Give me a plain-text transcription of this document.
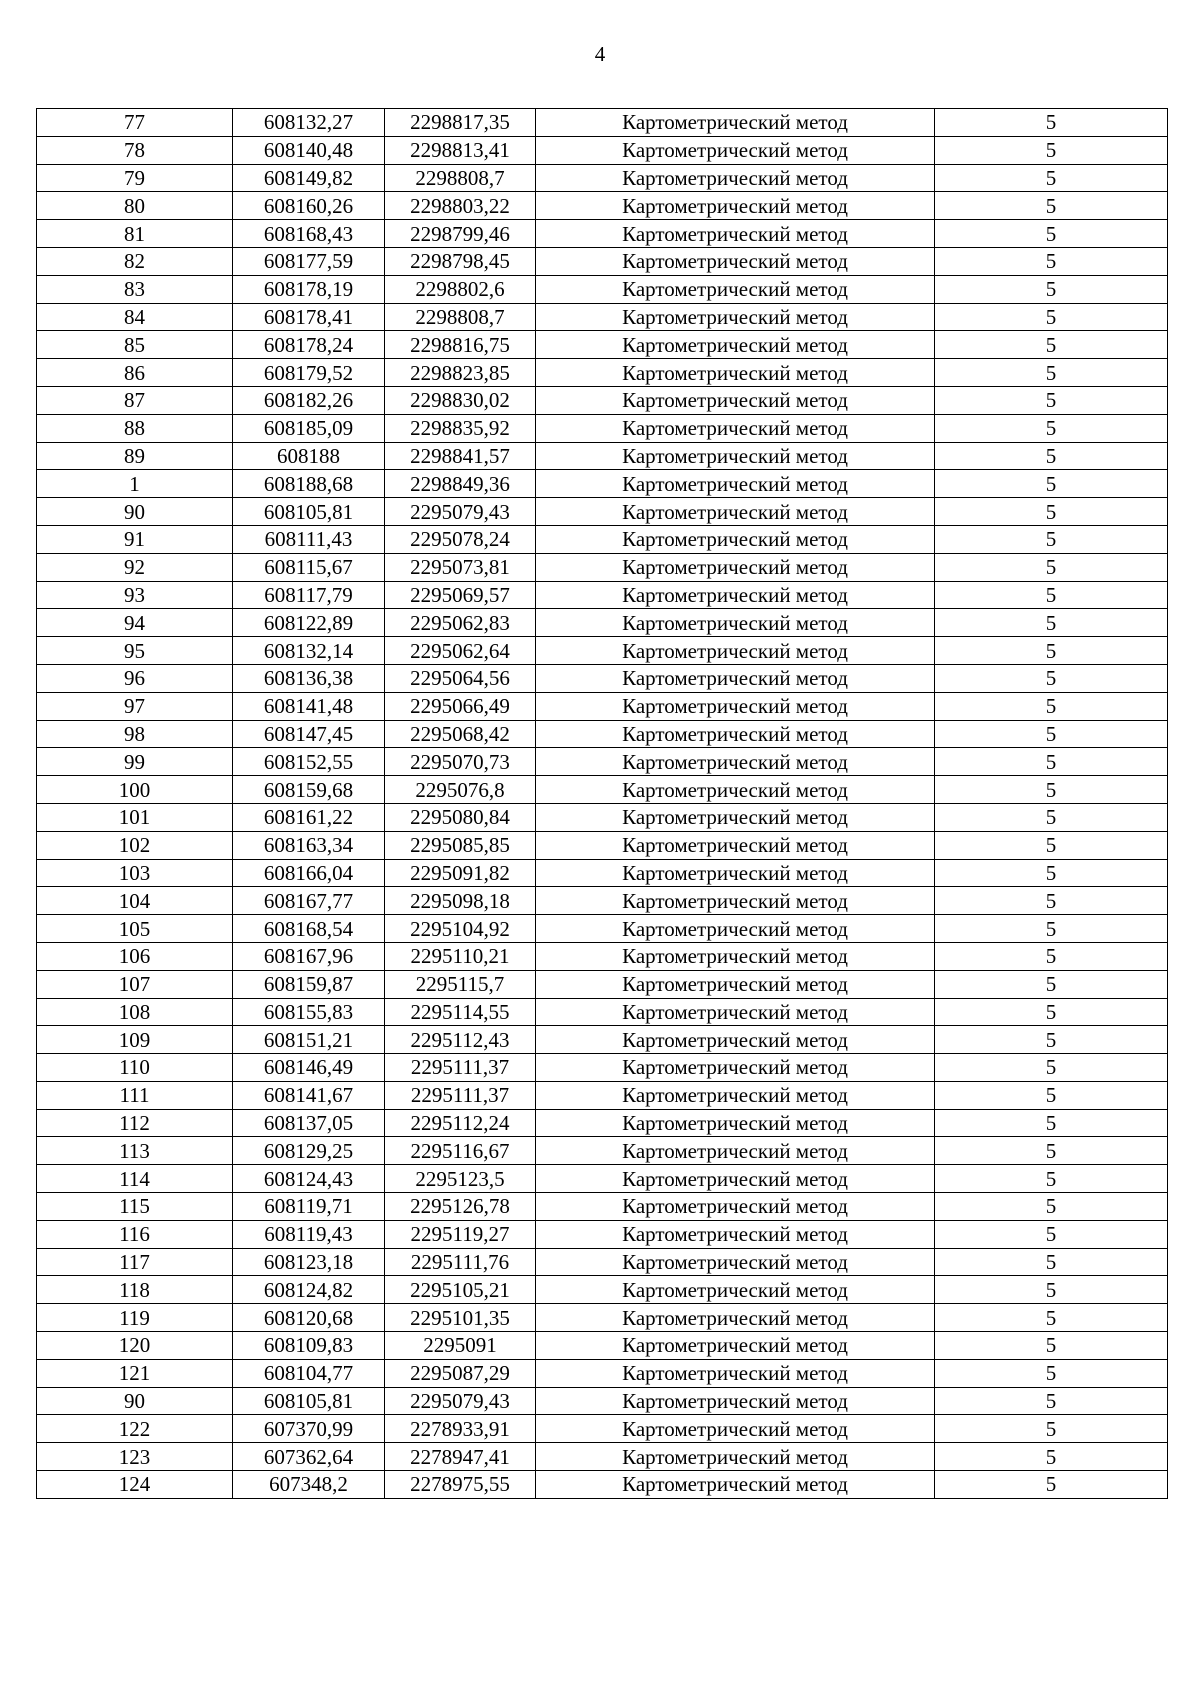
4
77	608132,27	2298817,35	Картометрический метод	5
78	608140,48	2298813,41	Картометрический метод	5
79	608149,82	2298808,7	Картометрический метод	5
80	608160,26	2298803,22	Картометрический метод	5
81	608168,43	2298799,46	Картометрический метод	5
82	608177,59	2298798,45	Картометрический метод	5
83	608178,19	2298802,6	Картометрический метод	5
84	608178,41	2298808,7	Картометрический метод	5
85	608178,24	2298816,75	Картометрический метод	5
86	608179,52	2298823,85	Картометрический метод	5
87	608182,26	2298830,02	Картометрический метод	5
88	608185,09	2298835,92	Картометрический метод	5
89	608188	2298841,57	Картометрический метод	5
1	608188,68	2298849,36	Картометрический метод	5
90	608105,81	2295079,43	Картометрический метод	5
91	608111,43	2295078,24	Картометрический метод	5
92	608115,67	2295073,81	Картометрический метод	5
93	608117,79	2295069,57	Картометрический метод	5
94	608122,89	2295062,83	Картометрический метод	5
95	608132,14	2295062,64	Картометрический метод	5
96	608136,38	2295064,56	Картометрический метод	5
97	608141,48	2295066,49	Картометрический метод	5
98	608147,45	2295068,42	Картометрический метод	5
99	608152,55	2295070,73	Картометрический метод	5
100	608159,68	2295076,8	Картометрический метод	5
101	608161,22	2295080,84	Картометрический метод	5
102	608163,34	2295085,85	Картометрический метод	5
103	608166,04	2295091,82	Картометрический метод	5
104	608167,77	2295098,18	Картометрический метод	5
105	608168,54	2295104,92	Картометрический метод	5
106	608167,96	2295110,21	Картометрический метод	5
107	608159,87	2295115,7	Картометрический метод	5
108	608155,83	2295114,55	Картометрический метод	5
109	608151,21	2295112,43	Картометрический метод	5
110	608146,49	2295111,37	Картометрический метод	5
111	608141,67	2295111,37	Картометрический метод	5
112	608137,05	2295112,24	Картометрический метод	5
113	608129,25	2295116,67	Картометрический метод	5
114	608124,43	2295123,5	Картометрический метод	5
115	608119,71	2295126,78	Картометрический метод	5
116	608119,43	2295119,27	Картометрический метод	5
117	608123,18	2295111,76	Картометрический метод	5
118	608124,82	2295105,21	Картометрический метод	5
119	608120,68	2295101,35	Картометрический метод	5
120	608109,83	2295091	Картометрический метод	5
121	608104,77	2295087,29	Картометрический метод	5
90	608105,81	2295079,43	Картометрический метод	5
122	607370,99	2278933,91	Картометрический метод	5
123	607362,64	2278947,41	Картометрический метод	5
124	607348,2	2278975,55	Картометрический метод	5
